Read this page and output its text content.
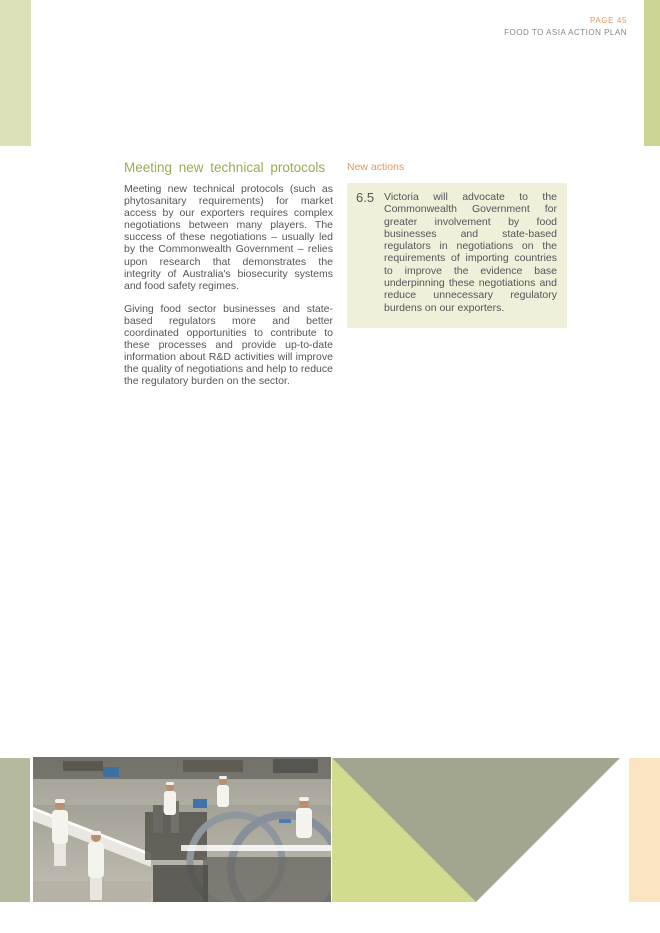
PAGE 45
FOOD TO ASIA ACTION PLAN
Meeting new technical protocols

Meeting new technical protocols (such as phytosanitary requirements) for market access by our exporters requires complex negotiations between many players. The success of these negotiations – usually led by the Commonwealth Government – relies upon research that demonstrates the integrity of Australia's biosecurity systems and food safety regimes.

Giving food sector businesses and state-based regulators more and better coordinated opportunities to contribute to these processes and provide up-to-date information about R&D activities will improve the quality of negotiations and help to reduce the regulatory burden on the sector.

New actions
6.5 Victoria will advocate to the Commonwealth Government for greater involvement by food businesses and state-based regulators in negotiations on the requirements of importing countries to improve the evidence base underpinning these negotiations and reduce unnecessary regulatory burdens on our exporters.
